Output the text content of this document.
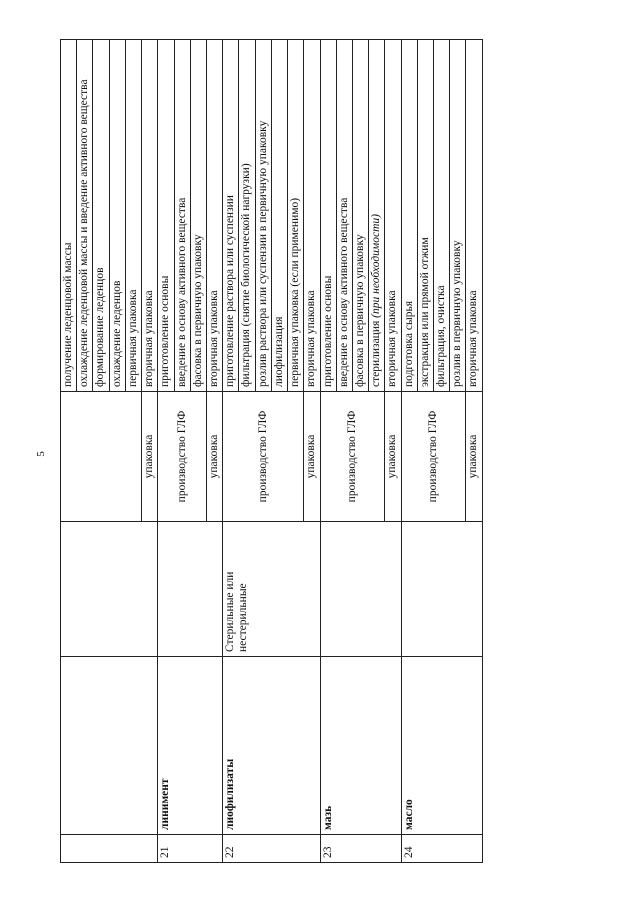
5
				получение леденцовой массы
				охлаждение леденцовой массы и введение активного вещества
				формирование леденцов
				охлаждение леденцов
				первичная упаковка
			упаковка	вторичная упаковка
21	линимент		производство ГЛФ	приготовление основы
				введение в основу активного вещества
				фасовка в первичную упаковку
			упаковка	вторичная упаковка
22	лиофилизаты	Стерильные или нестерильные	производство ГЛФ	приготовление раствора или суспензии
				фильтрация (снятие биологической нагрузки)
				розлив раствора или суспензии в первичную упаковку
				лиофилизация
				первичная упаковка (если применимо)
			упаковка	вторичная упаковка
23	мазь		производство ГЛФ	приготовление основы
				введение в основу активного вещества
				фасовка в первичную упаковку
				стерилизация (при необходимости)
			упаковка	вторичная упаковка
24	масло		производство ГЛФ	подготовка сырья
				экстракция или прямой отжим
				фильтрация, очистка
				розлив в первичную упаковку
			упаковка	вторичная упаковка
